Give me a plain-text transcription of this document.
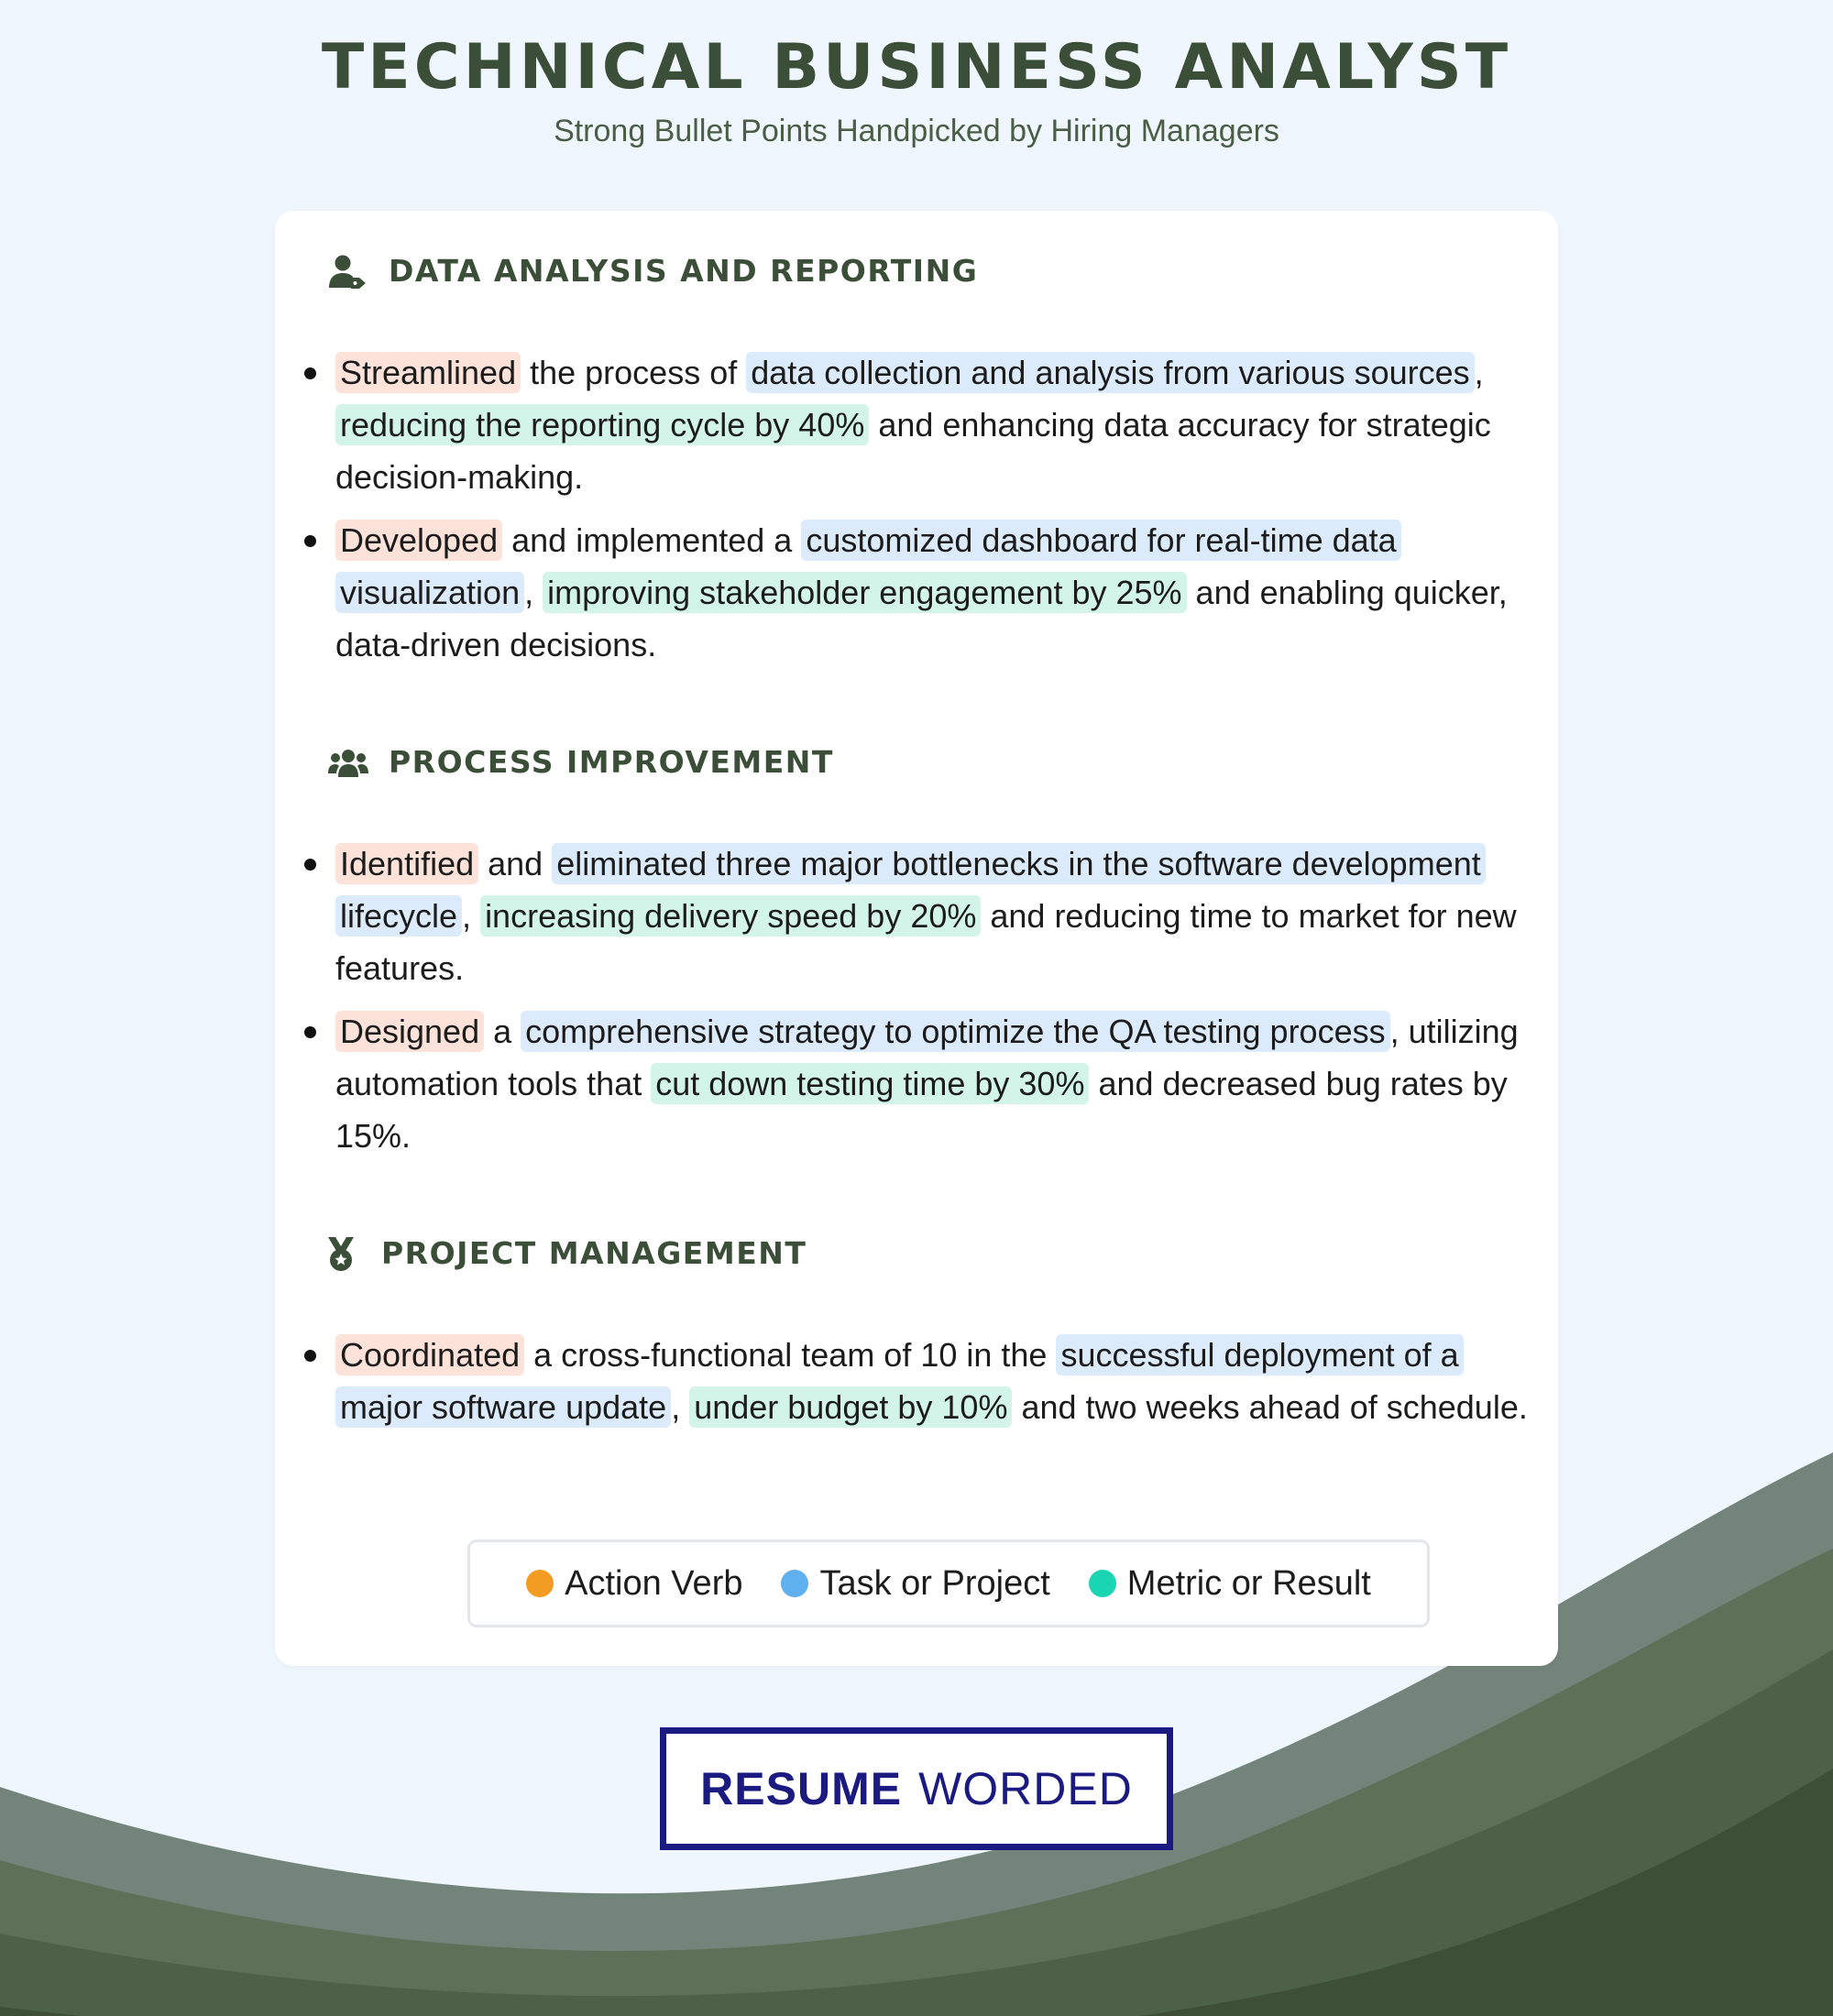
TECHNICAL BUSINESS ANALYST

Strong Bullet Points Handpicked by Hiring Managers

DATA ANALYSIS AND REPORTING
Streamlined the process of data collection and analysis from various sources , reducing the reporting cycle by 40% and enhancing data accuracy for strategic decision-making.
Developed and implemented a customized dashboard for real-time data visualization , improving stakeholder engagement by 25% and enabling quicker, data-driven decisions.
PROCESS IMPROVEMENT
Identified and eliminated three major bottlenecks in the software development lifecycle , increasing delivery speed by 20% and reducing time to market for new features.
Designed a comprehensive strategy to optimize the QA testing process , utilizing automation tools that cut down testing time by 30% and decreased bug rates by 15%.
PROJECT MANAGEMENT
Coordinated a cross-functional team of 10 in the successful deployment of a major software update , under budget by 10% and two weeks ahead of schedule.
Action Verb Task or Project Metric or Result
RESUME WORDED
